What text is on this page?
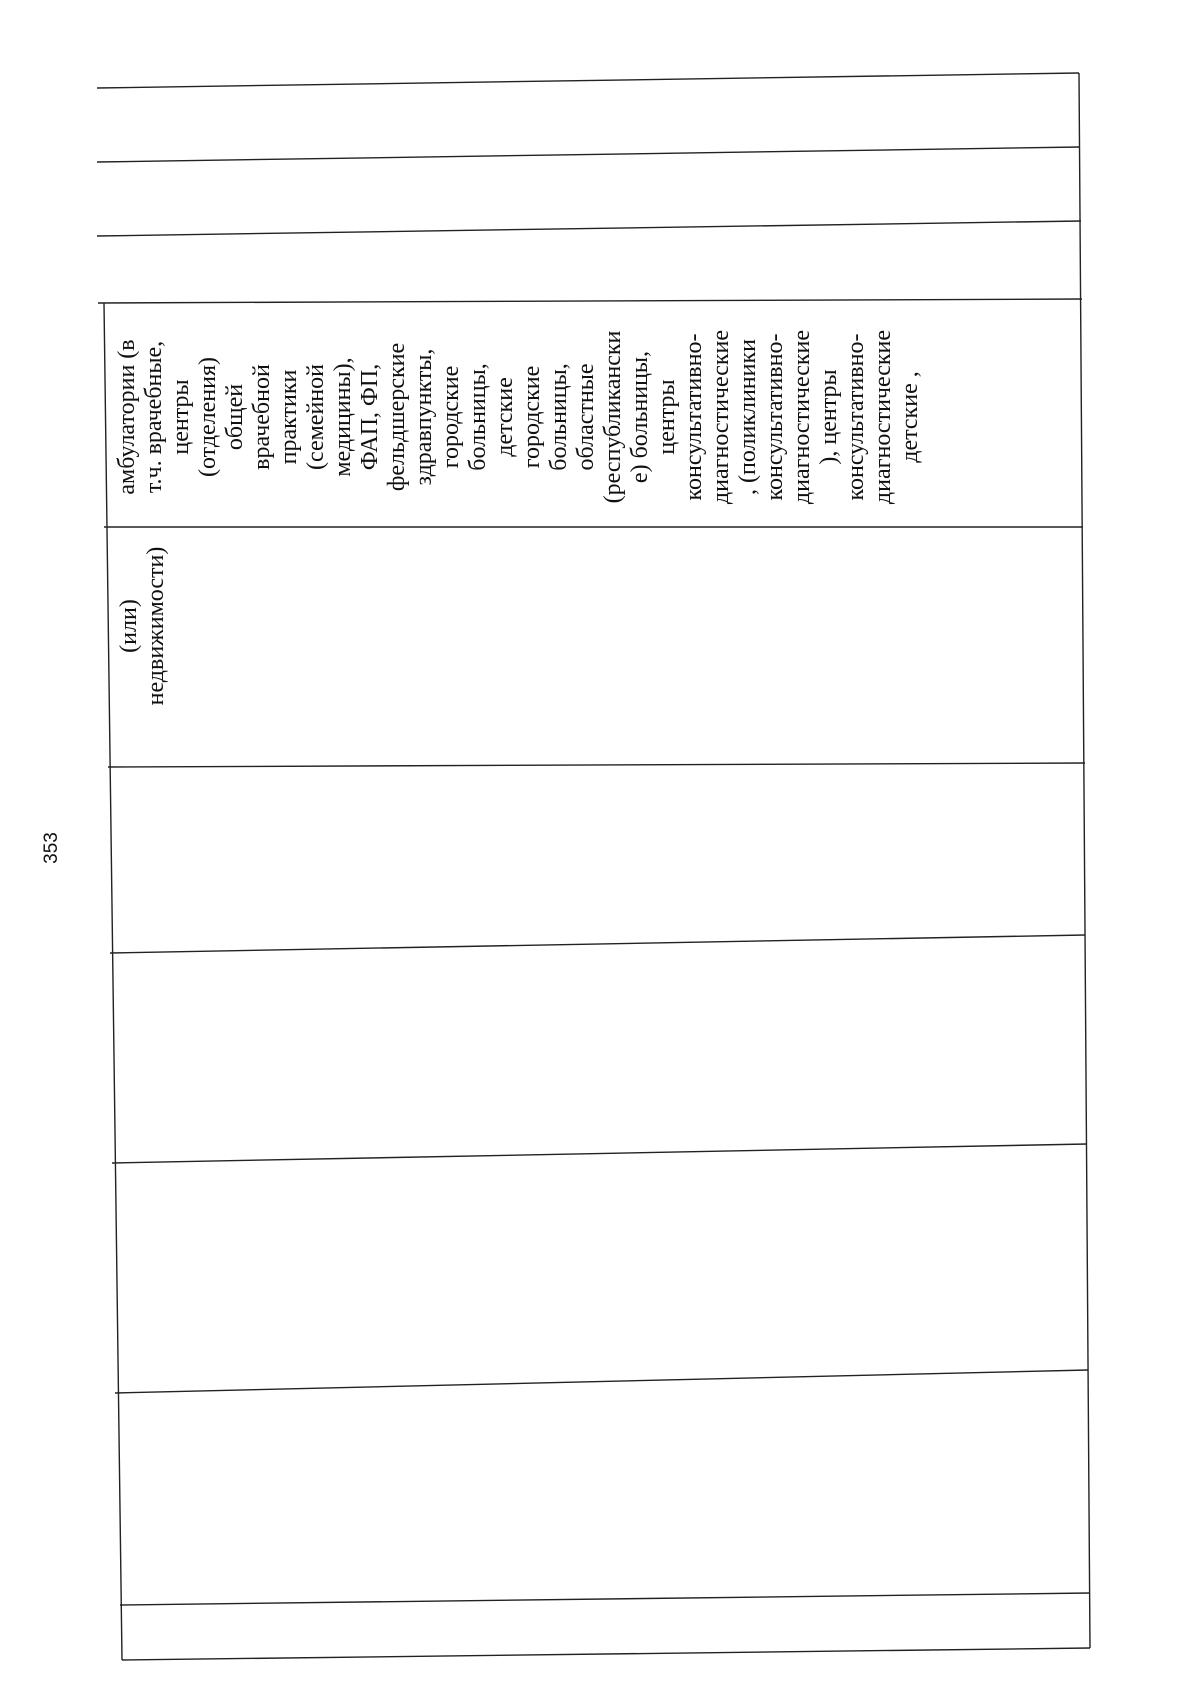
353
амбулатории (в т.ч. врачебные, центры (отделения) общей врачебной практики (семейной медицины), ФАП, ФП, фельдшерские здравпункты, городские больницы, детские городские больницы, областные (республикански е) больницы, центры консультативно- диагностические , (поликлиники консультативно- диагностические ), центры консультативно- диагностические детские ,
(или) недвижимости)
